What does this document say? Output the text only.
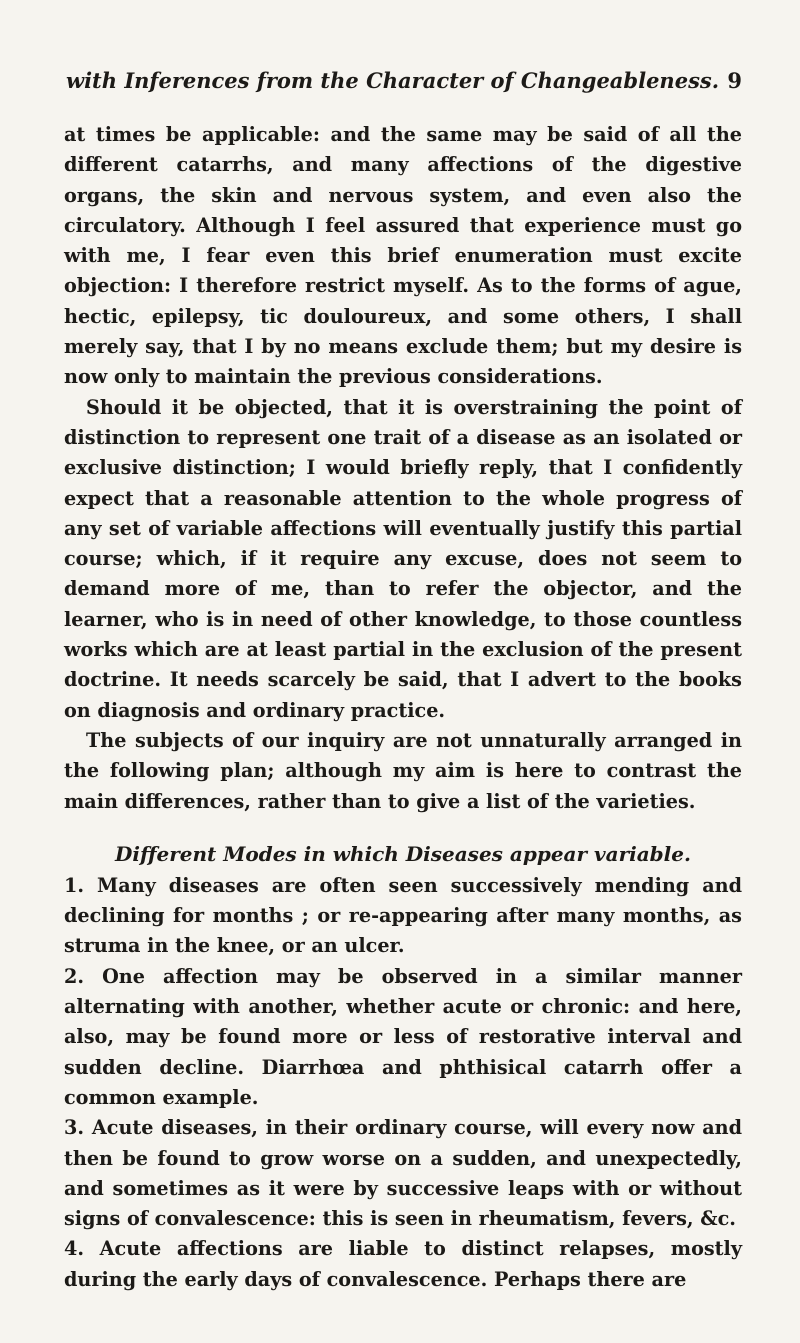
with Inferences from the Character of Changeableness. 9

at times be applicable: and the same may be said of all the different catarrhs, and many affections of the digestive organs, the skin and nervous system, and even also the circulatory. Although I feel assured that experience must go with me, I fear even this brief enumeration must excite objection: I therefore restrict myself. As to the forms of ague, hectic, epilepsy, tic douloureux, and some others, I shall merely say, that I by no means exclude them; but my desire is now only to maintain the previous considerations.

Should it be objected, that it is overstraining the point of distinction to represent one trait of a disease as an isolated or exclusive distinction; I would briefly reply, that I confidently expect that a reasonable attention to the whole progress of any set of variable affections will eventually justify this partial course; which, if it require any excuse, does not seem to demand more of me, than to refer the objector, and the learner, who is in need of other knowledge, to those countless works which are at least partial in the exclusion of the present doctrine. It needs scarcely be said, that I advert to the books on diagnosis and ordinary practice.

The subjects of our inquiry are not unnaturally arranged in the following plan; although my aim is here to contrast the main differences, rather than to give a list of the varieties.

Different Modes in which Diseases appear variable.

1. Many diseases are often seen successively mending and declining for months ; or re-appearing after many months, as struma in the knee, or an ulcer.

2. One affection may be observed in a similar manner alternating with another, whether acute or chronic: and here, also, may be found more or less of restorative interval and sudden decline. Diarrhœa and phthisical catarrh offer a common example.

3. Acute diseases, in their ordinary course, will every now and then be found to grow worse on a sudden, and unexpectedly, and sometimes as it were by successive leaps with or without signs of convalescence: this is seen in rheumatism, fevers, &c.

4. Acute affections are liable to distinct relapses, mostly during the early days of convalescence. Perhaps there are
